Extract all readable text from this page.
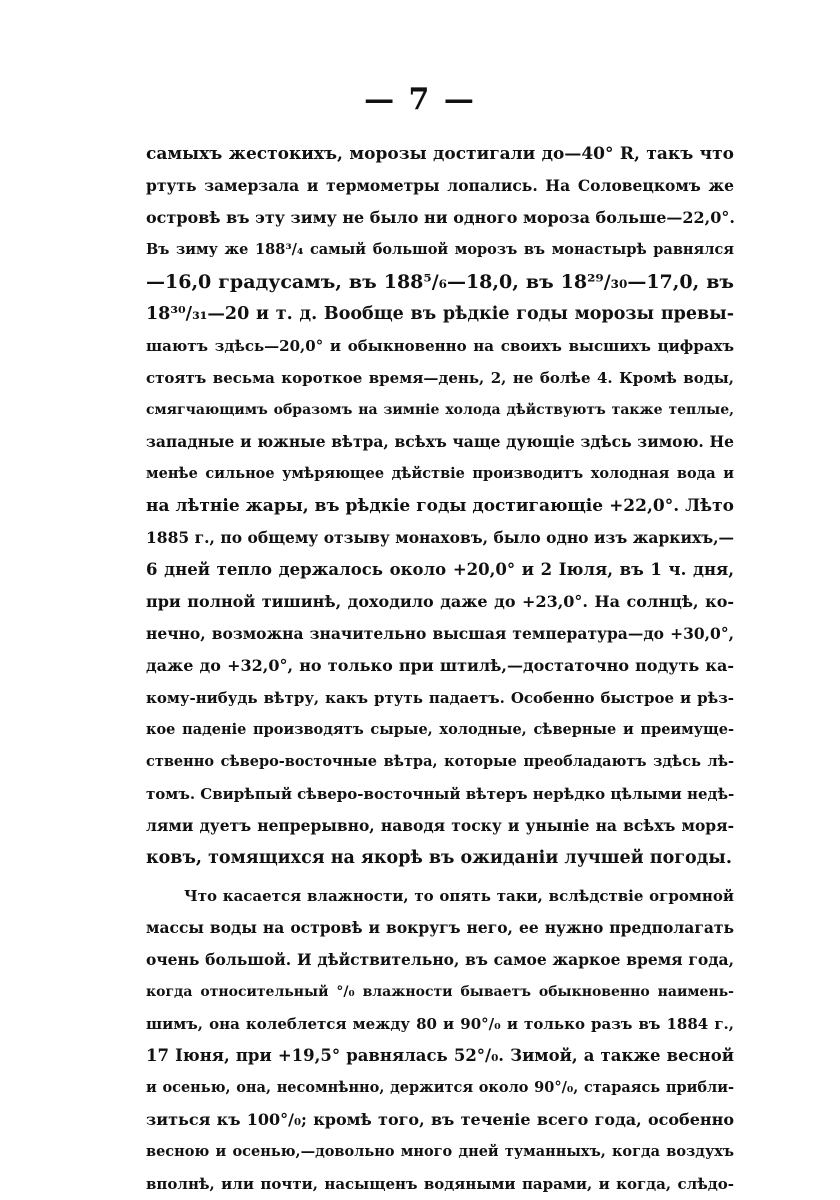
— 7 —
самыхъ жестокихъ, морозы достигали до—40° R, такъ что
ртуть замерзала и термометры лопались. На Соловецкомъ же
островѣ въ эту зиму не было ни одного мороза больше—22,0°.
Въ зиму же 188³/₄ самый большой морозъ въ монастырѣ равнялся
—16,0 градусамъ, въ 188⁵/₆—18,0, въ 18²⁹/₃₀—17,0, въ
18³⁰/₃₁—20 и т. д. Вообще въ рѣдкіе годы морозы превы-
шаютъ здѣсь—20,0° и обыкновенно на своихъ высшихъ цифрахъ
стоятъ весьма короткое время—день, 2, не болѣе 4. Кромѣ воды,
смягчающимъ образомъ на зимніе холода дѣйствуютъ также теплые,
западные и южные вѣтра, всѣхъ чаще дующіе здѣсь зимою. Не
менѣе сильное умѣряющее дѣйствіе производитъ холодная вода и
на лѣтніе жары, въ рѣдкіе годы достигающіе +22,0°. Лѣто
1885 г., по общему отзыву монаховъ, было одно изъ жаркихъ,—
6 дней тепло держалось около +20,0° и 2 Іюля, въ 1 ч. дня,
при полной тишинѣ, доходило даже до +23,0°. На солнцѣ, ко-
нечно, возможна значительно высшая температура—до +30,0°,
даже до +32,0°, но только при штилѣ,—достаточно подуть ка-
кому-нибудь вѣтру, какъ ртуть падаетъ. Особенно быстрое и рѣз-
кое паденіе производятъ сырые, холодные, сѣверные и преимуще-
ственно сѣверо-восточные вѣтра, которые преобладаютъ здѣсь лѣ-
томъ. Свирѣпый сѣверо-восточный вѣтеръ нерѣдко цѣлыми недѣ-
лями дуетъ непрерывно, наводя тоску и уныніе на всѣхъ моря-
ковъ, томящихся на якорѣ въ ожиданіи лучшей погоды.
Что касается влажности, то опять таки, вслѣдствіе огромной
массы воды на островѣ и вокругъ него, ее нужно предполагать
очень большой. И дѣйствительно, въ самое жаркое время года,
когда относительный °/₀ влажности бываетъ обыкновенно наимень-
шимъ, она колеблется между 80 и 90°/₀ и только разъ въ 1884 г.,
17 Іюня, при +19,5° равнялась 52°/₀. Зимой, а также весной
и осенью, она, несомнѣнно, держится около 90°/₀, стараясь прибли-
зиться къ 100°/₀; кромѣ того, въ теченіе всего года, особенно
весною и осенью,—довольно много дней туманныхъ, когда воздухъ
вполнѣ, или почти, насыщенъ водяными парами, и когда, слѣдо-
